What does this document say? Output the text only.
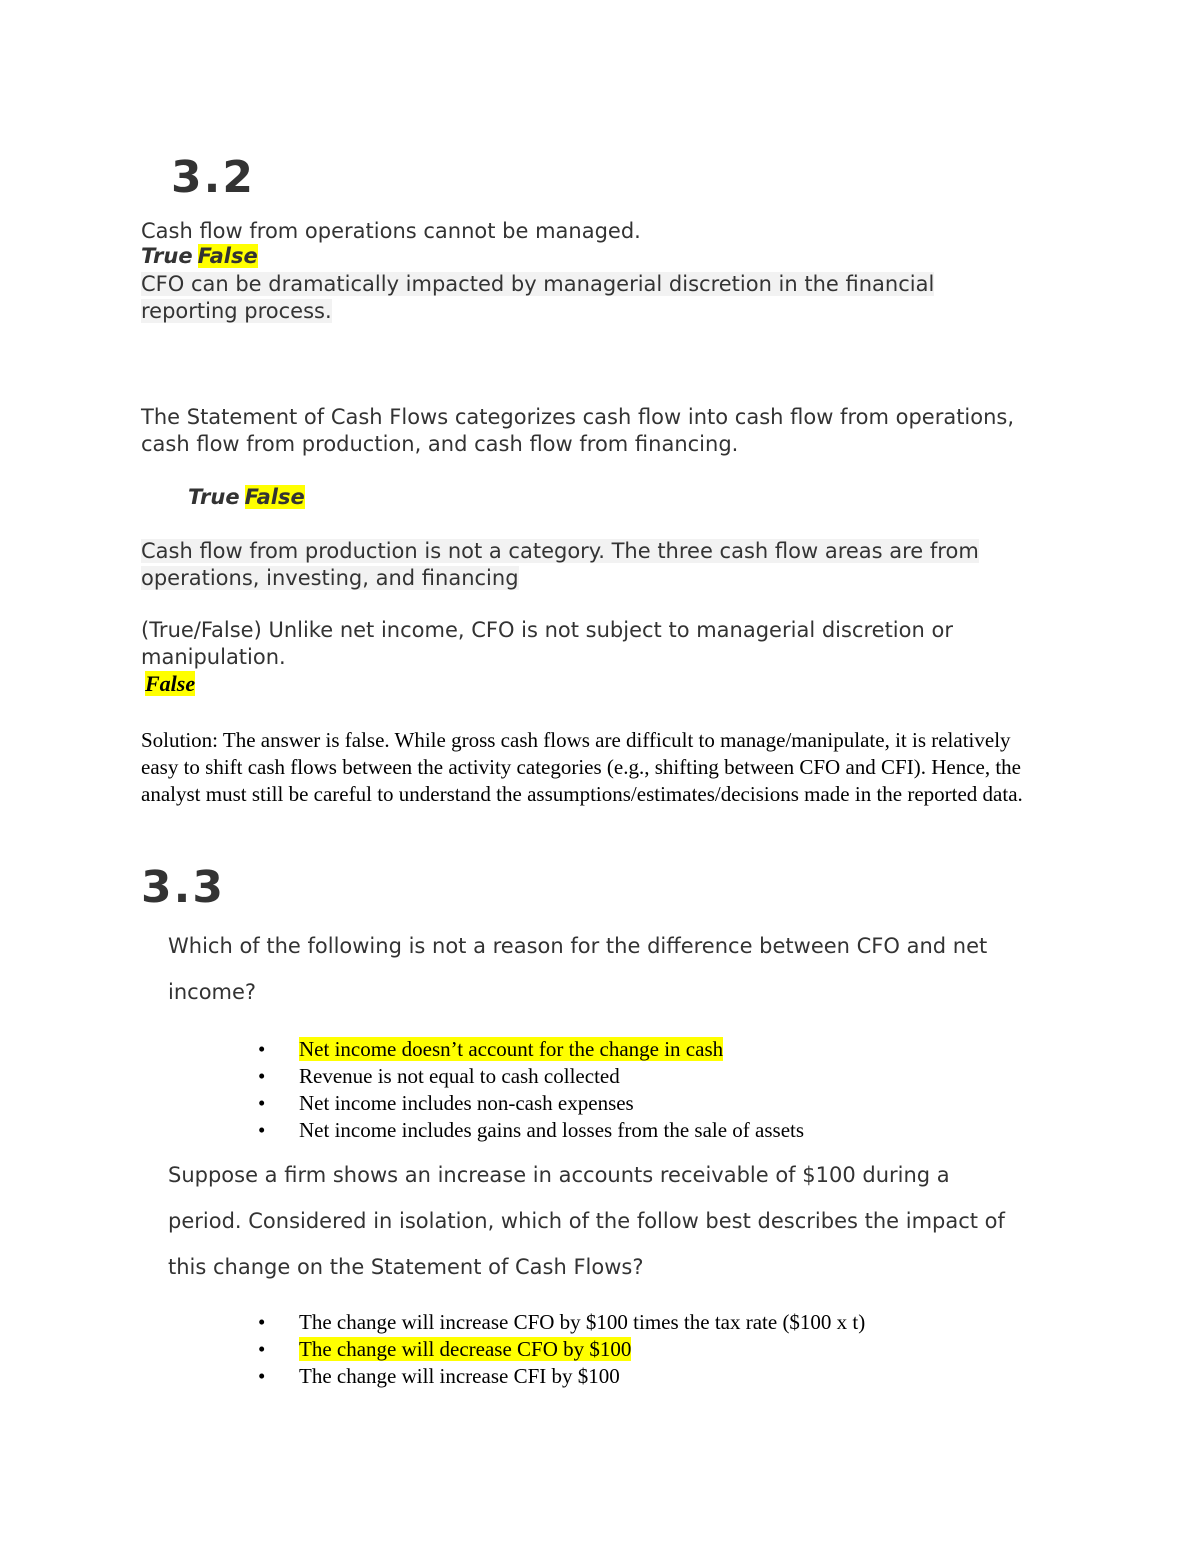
3.2
Cash flow from operations cannot be managed.
True False
CFO can be dramatically impacted by managerial discretion in the financial reporting process.
The Statement of Cash Flows categorizes cash flow into cash flow from operations, cash flow from production, and cash flow from financing.
True False
Cash flow from production is not a category. The three cash flow areas are from operations, investing, and financing
(True/False) Unlike net income, CFO is not subject to managerial discretion or manipulation.
False
Solution: The answer is false. While gross cash flows are difficult to manage/manipulate, it is relatively easy to shift cash flows between the activity categories (e.g., shifting between CFO and CFI). Hence, the analyst must still be careful to understand the assumptions/estimates/decisions made in the reported data.
3.3
Which of the following is not a reason for the difference between CFO and net income?
• Net income doesn’t account for the change in cash
• Revenue is not equal to cash collected
• Net income includes non-cash expenses
• Net income includes gains and losses from the sale of assets
Suppose a firm shows an increase in accounts receivable of $100 during a period. Considered in isolation, which of the follow best describes the impact of this change on the Statement of Cash Flows?
• The change will increase CFO by $100 times the tax rate ($100 x t)
• The change will decrease CFO by $100
• The change will increase CFI by $100
